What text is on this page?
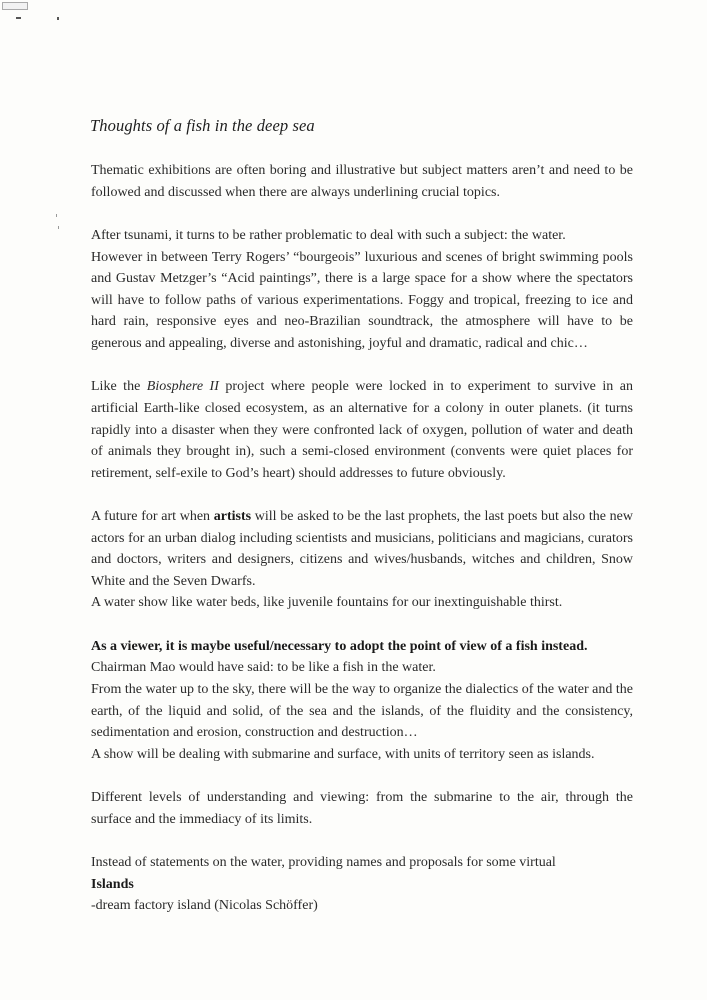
Thoughts of a fish in the deep sea

Thematic exhibitions are often boring and illustrative but subject matters aren’t and need to be followed and discussed when there are always underlining crucial topics.

After tsunami, it turns to be rather problematic to deal with such a subject: the water.
However in between Terry Rogers’ “bourgeois” luxurious and scenes of bright swimming pools and Gustav Metzger’s “Acid paintings”, there is a large space for a show where the spectators will have to follow paths of various experimentations. Foggy and tropical, freezing to ice and hard rain, responsive eyes and neo-Brazilian soundtrack, the atmosphere will have to be generous and appealing, diverse and astonishing, joyful and dramatic, radical and chic…

Like the Biosphere II project where people were locked in to experiment to survive in an artificial Earth-like closed ecosystem, as an alternative for a colony in outer planets. (it turns rapidly into a disaster when they were confronted lack of oxygen, pollution of water and death of animals they brought in), such a semi-closed environment (convents were quiet places for retirement, self-exile to God’s heart) should addresses to future obviously.

A future for art when artists will be asked to be the last prophets, the last poets but also the new actors for an urban dialog including scientists and musicians, politicians and magicians, curators and doctors, writers and designers, citizens and wives/husbands, witches and children, Snow White and the Seven Dwarfs.
A water show like water beds, like juvenile fountains for our inextinguishable thirst.

As a viewer, it is maybe useful/necessary to adopt the point of view of a fish instead.
Chairman Mao would have said: to be like a fish in the water.
From the water up to the sky, there will be the way to organize the dialectics of the water and the earth, of the liquid and solid, of the sea and the islands, of the fluidity and the consistency, sedimentation and erosion, construction and destruction…
A show will be dealing with submarine and surface, with units of territory seen as islands.

Different levels of understanding and viewing: from the submarine to the air, through the surface and the immediacy of its limits.

Instead of statements on the water, providing names and proposals for some virtual
Islands
-dream factory island (Nicolas Schöffer)
